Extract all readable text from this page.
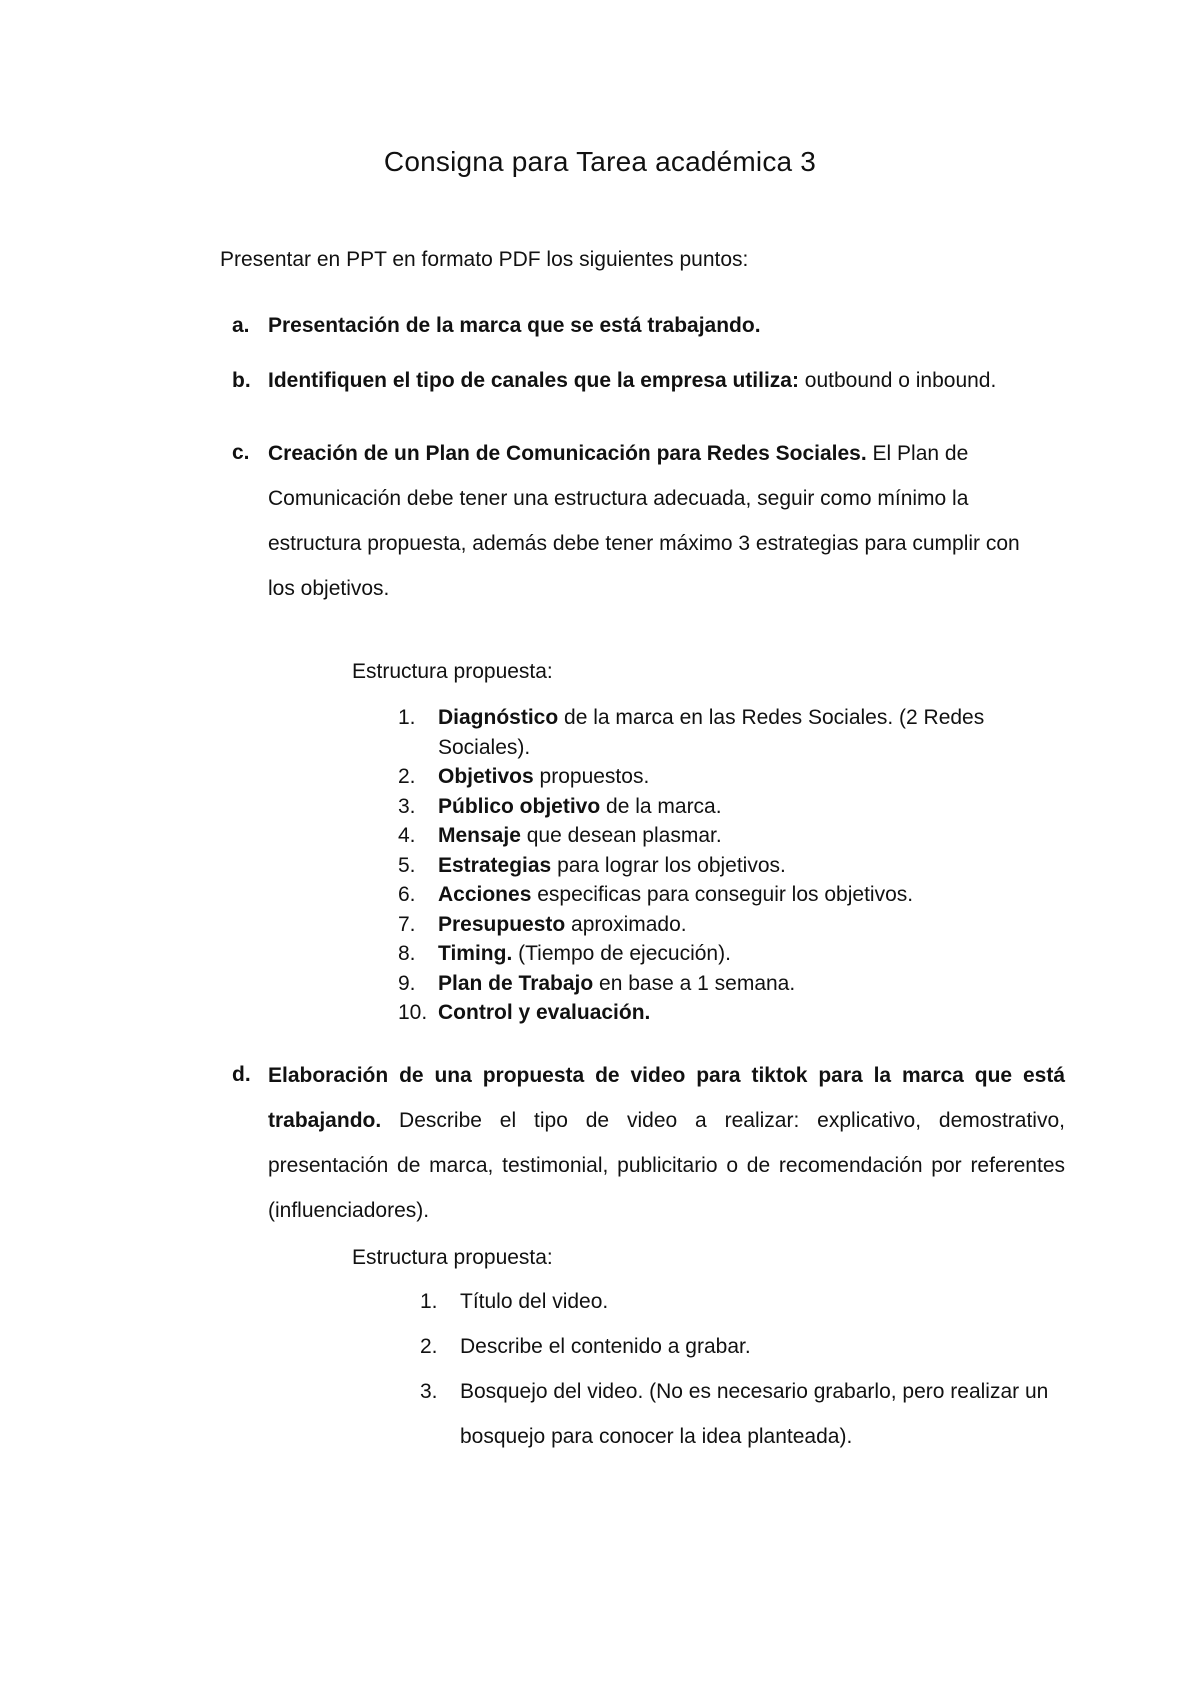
Consigna para Tarea académica 3
Presentar en PPT en formato PDF los siguientes puntos:
a. Presentación de la marca que se está trabajando.
b. Identifiquen el tipo de canales que la empresa utiliza: outbound o inbound.
c. Creación de un Plan de Comunicación para Redes Sociales. El Plan de Comunicación debe tener una estructura adecuada, seguir como mínimo la estructura propuesta, además debe tener máximo 3 estrategias para cumplir con los objetivos.
Estructura propuesta:
1. Diagnóstico de la marca en las Redes Sociales. (2 Redes Sociales).
2. Objetivos propuestos.
3. Público objetivo de la marca.
4. Mensaje que desean plasmar.
5. Estrategias para lograr los objetivos.
6. Acciones especificas para conseguir los objetivos.
7. Presupuesto aproximado.
8. Timing. (Tiempo de ejecución).
9. Plan de Trabajo en base a 1 semana.
10. Control y evaluación.
d. Elaboración de una propuesta de video para tiktok para la marca que está trabajando. Describe el tipo de video a realizar: explicativo, demostrativo, presentación de marca, testimonial, publicitario o de recomendación por referentes (influenciadores).
Estructura propuesta:
1. Título del video.
2. Describe el contenido a grabar.
3. Bosquejo del video. (No es necesario grabarlo, pero realizar un bosquejo para conocer la idea planteada).
